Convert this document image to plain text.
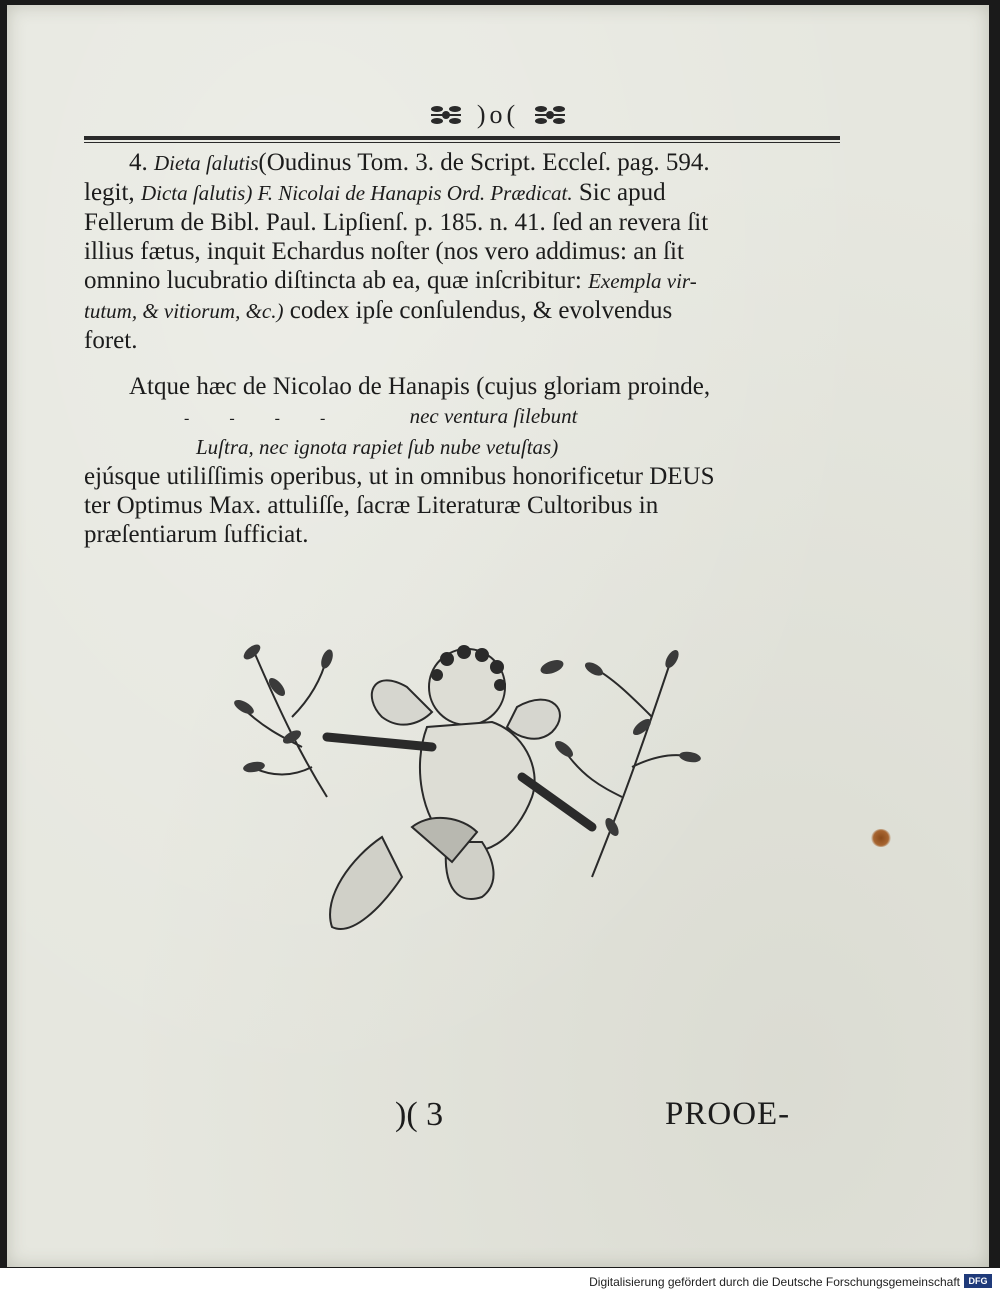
)o(

4. Dieta ſalutis(Oudinus Tom. 3. de Script. Eccleſ. pag. 594.

legit, Dicta ſalutis) F. Nicolai de Hanapis Ord. Prædicat. Sic apud

Fellerum de Bibl. Paul. Lipſienſ. p. 185. n. 41. ſed an revera ſit

illius fætus, inquit Echardus noſter (nos vero addimus: an ſit

omnino lucubratio diſtincta ab ea, quæ inſcribitur: Exempla vir-

tutum, & vitiorum, &c.) codex ipſe conſulendus, & evolvendus

foret.

Atque hæc de Nicolao de Hanapis (cujus gloriam proinde,

- - - -	nec ventura ſilebunt

Luſtra, nec ignota rapiet ſub nube vetuſtas)

ejúsque utiliſſimis operibus, ut in omnibus honorificetur DEUS

ter Optimus Max. attuliſſe, ſacræ Literaturæ Cultoribus in

præſentiarum ſufficiat.

)( 3	PROOE-
Digitalisierung gefördert durch die Deutsche Forschungsgemeinschaft DFG
